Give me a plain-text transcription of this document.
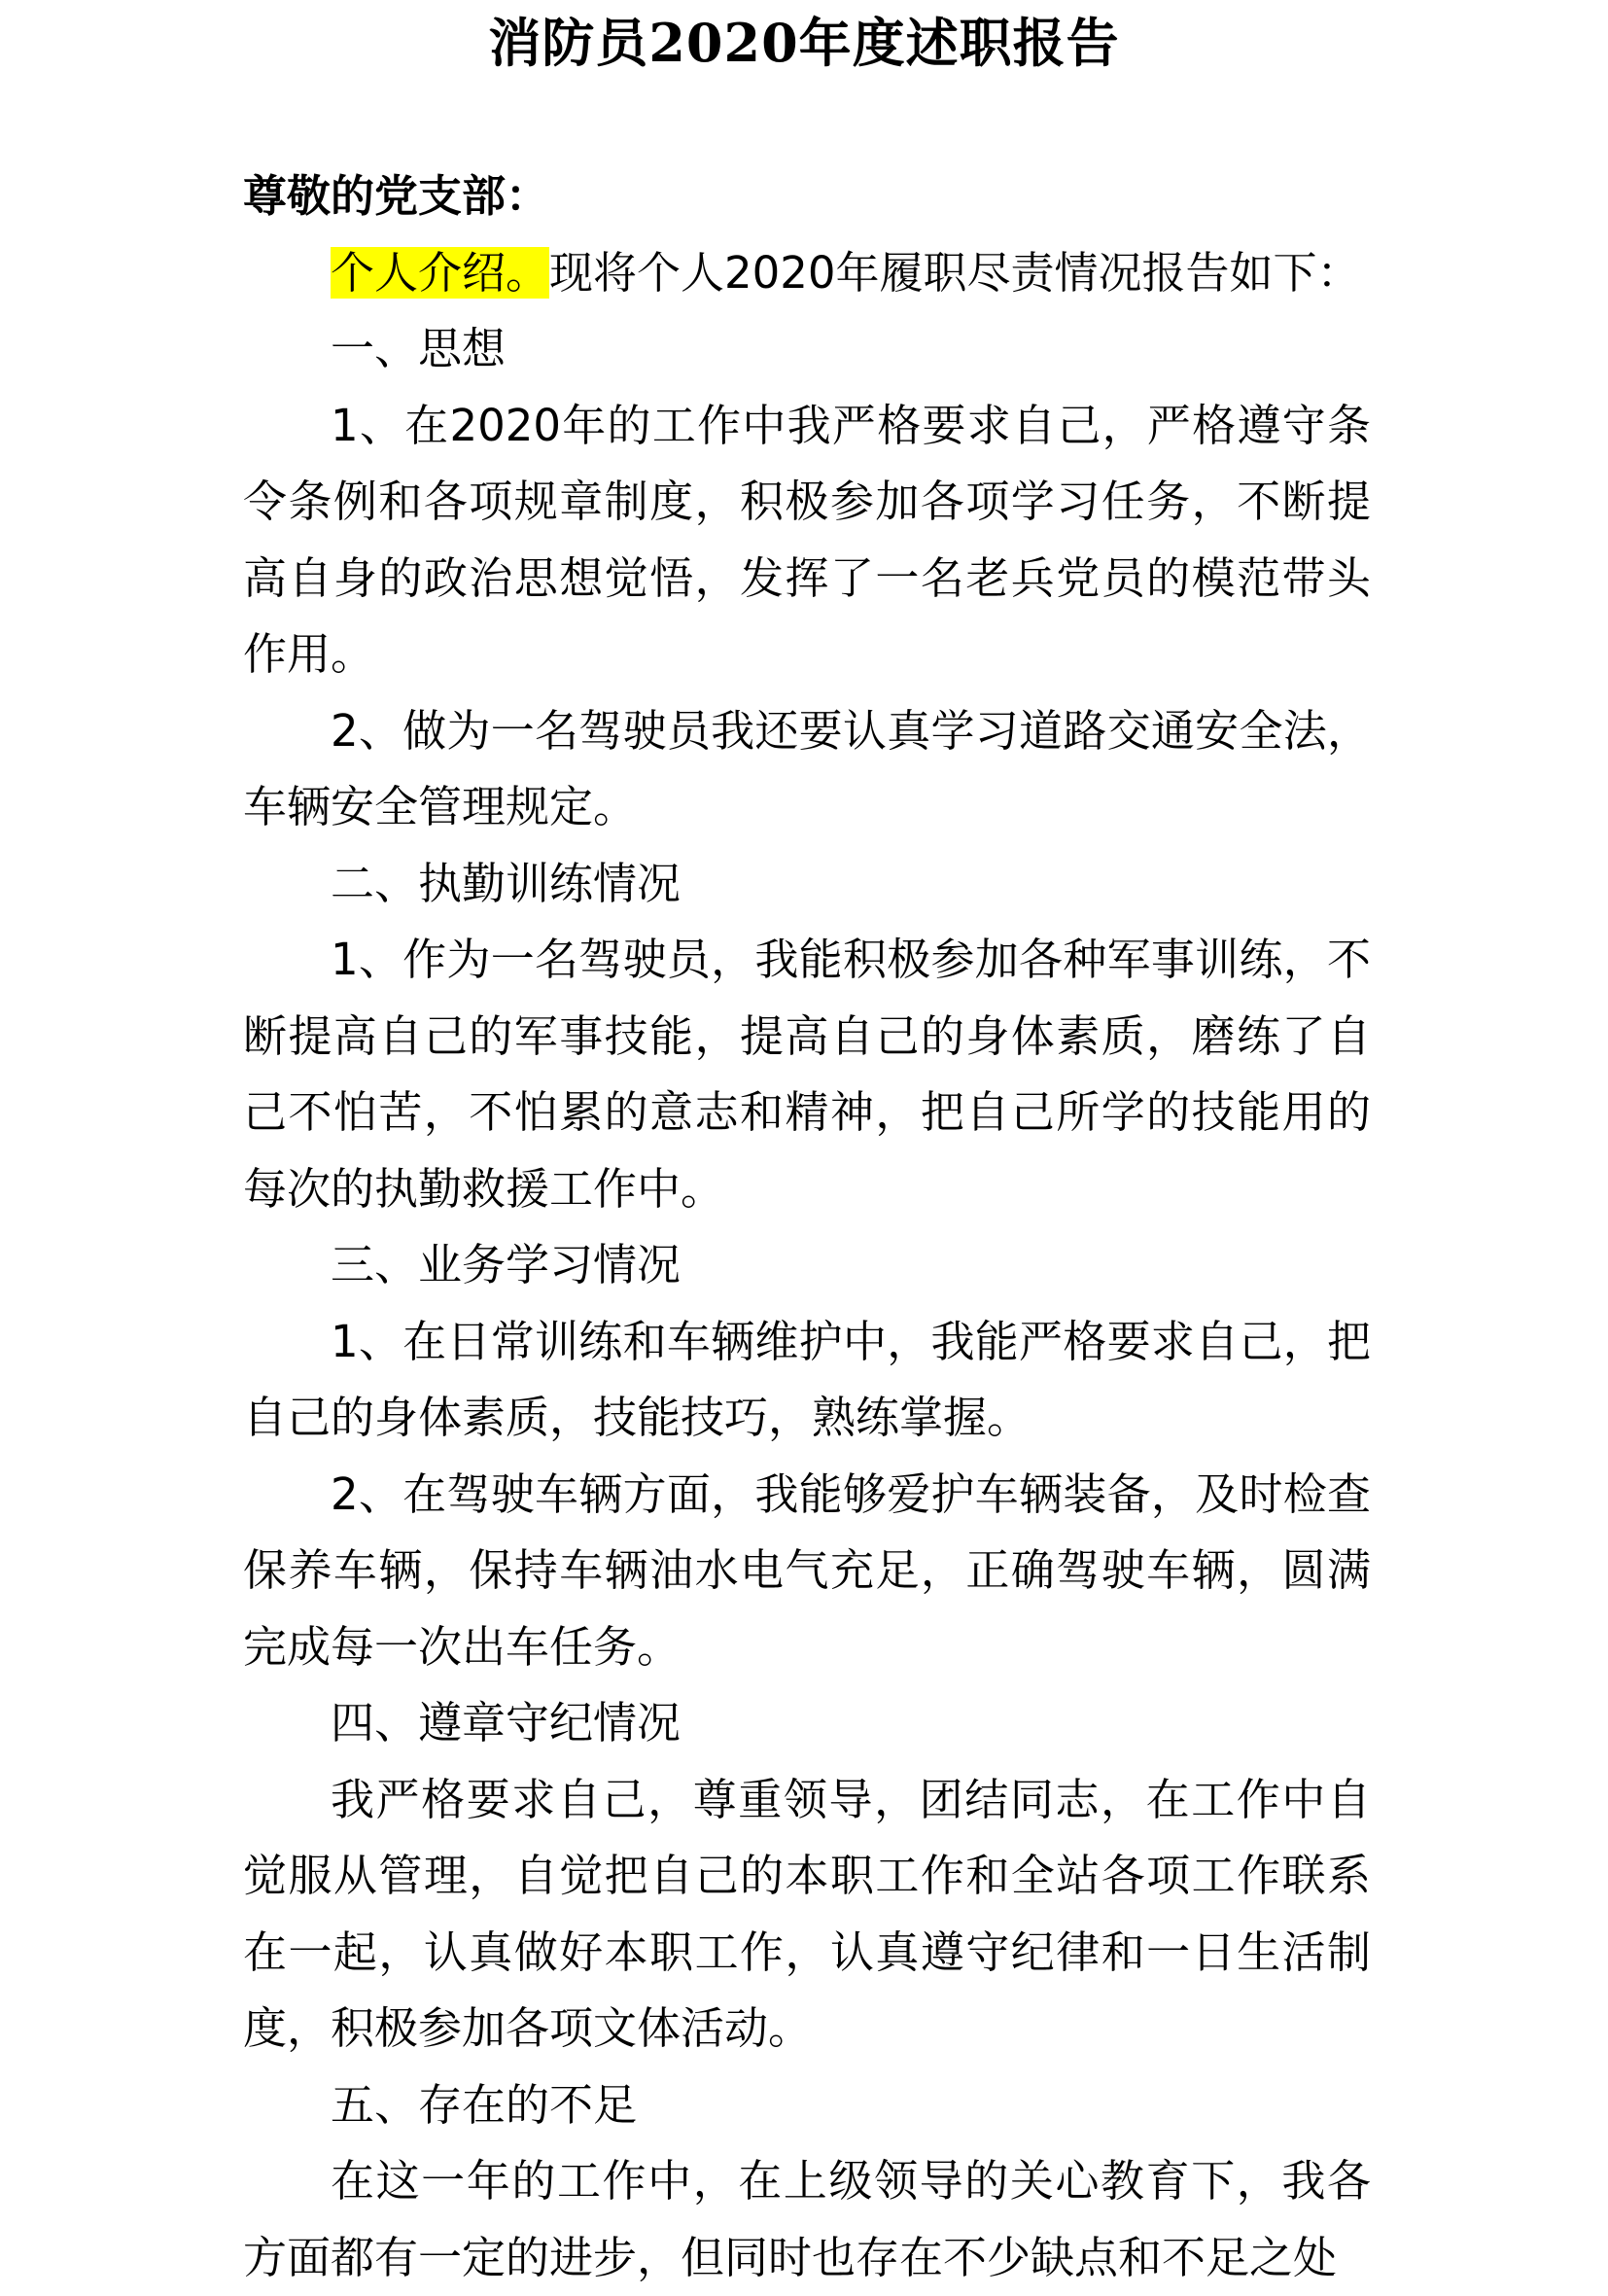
消防员2020年度述职报告

尊敬的党支部：

个人介绍。现将个人2020年履职尽责情况报告如下：

一、思想

1、在2020年的工作中我严格要求自己，严格遵守条令条例和各项规章制度，积极参加各项学习任务，不断提高自身的政治思想觉悟，发挥了一名老兵党员的模范带头作用。

2、做为一名驾驶员我还要认真学习道路交通安全法，车辆安全管理规定。

二、执勤训练情况

1、作为一名驾驶员，我能积极参加各种军事训练，不断提高自己的军事技能，提高自己的身体素质，磨练了自己不怕苦，不怕累的意志和精神，把自己所学的技能用的每次的执勤救援工作中。

三、业务学习情况

1、在日常训练和车辆维护中，我能严格要求自己，把自己的身体素质，技能技巧，熟练掌握。

2、在驾驶车辆方面，我能够爱护车辆装备，及时检查保养车辆，保持车辆油水电气充足，正确驾驶车辆，圆满完成每一次出车任务。

四、遵章守纪情况

我严格要求自己，尊重领导，团结同志，在工作中自觉服从管理，自觉把自己的本职工作和全站各项工作联系在一起，认真做好本职工作，认真遵守纪律和一日生活制度，积极参加各项文体活动。

五、存在的不足

在这一年的工作中，在上级领导的关心教育下，我各方面都有一定的进步，但同时也存在不少缺点和不足之处
